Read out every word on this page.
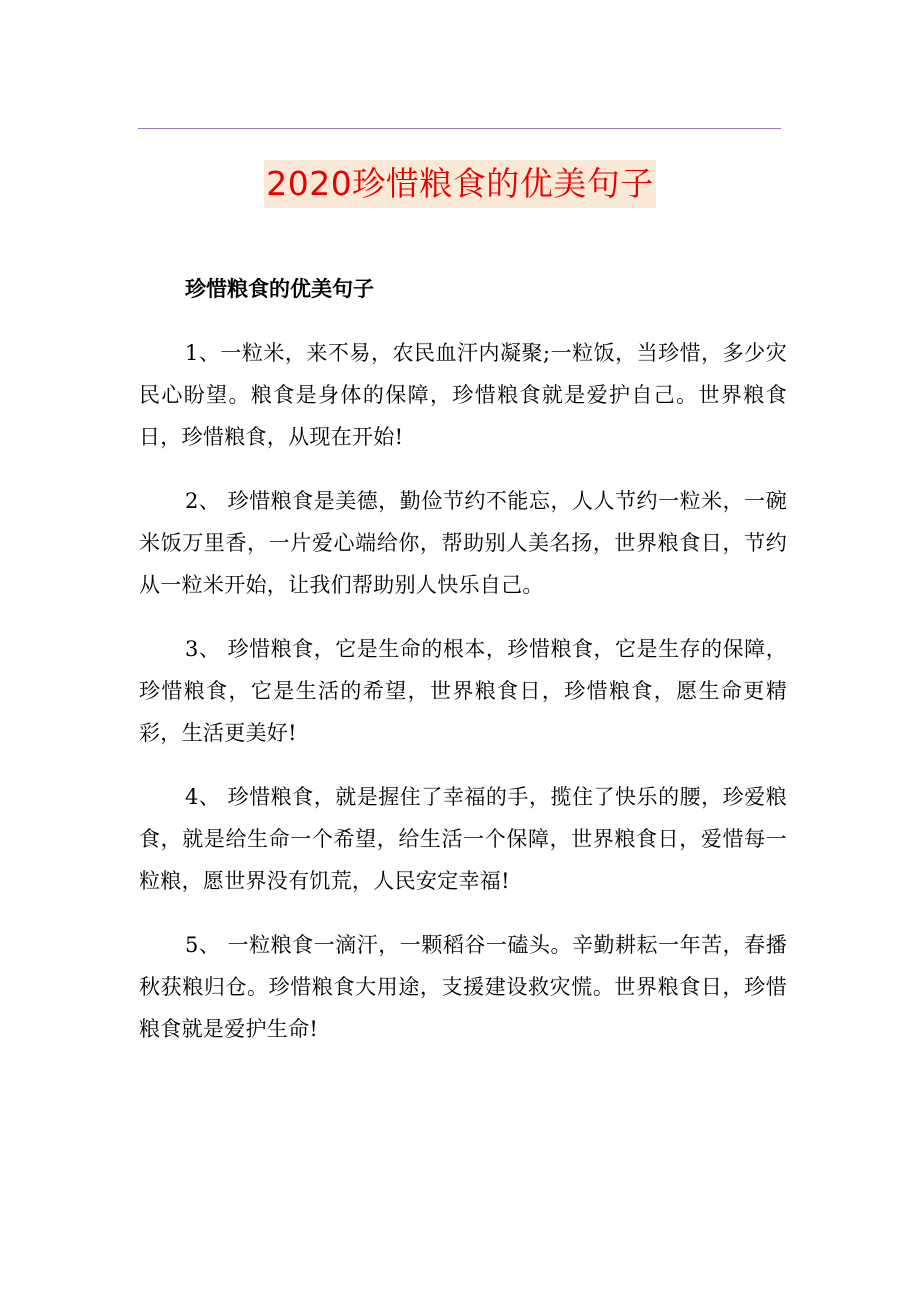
2020珍惜粮食的优美句子
珍惜粮食的优美句子

1、一粒米，来不易，农民血汗内凝聚;一粒饭，当珍惜，多少灾民心盼望。粮食是身体的保障，珍惜粮食就是爱护自己。世界粮食日，珍惜粮食，从现在开始!

2、 珍惜粮食是美德，勤俭节约不能忘，人人节约一粒米，一碗米饭万里香，一片爱心端给你，帮助别人美名扬，世界粮食日，节约从一粒米开始，让我们帮助别人快乐自己。

3、 珍惜粮食，它是生命的根本，珍惜粮食，它是生存的保障，珍惜粮食，它是生活的希望，世界粮食日，珍惜粮食，愿生命更精彩，生活更美好!

4、 珍惜粮食，就是握住了幸福的手，揽住了快乐的腰，珍爱粮食，就是给生命一个希望，给生活一个保障，世界粮食日，爱惜每一粒粮，愿世界没有饥荒，人民安定幸福!

5、 一粒粮食一滴汗，一颗稻谷一磕头。辛勤耕耘一年苦，春播秋获粮归仓。珍惜粮食大用途，支援建设救灾慌。世界粮食日，珍惜粮食就是爱护生命!
